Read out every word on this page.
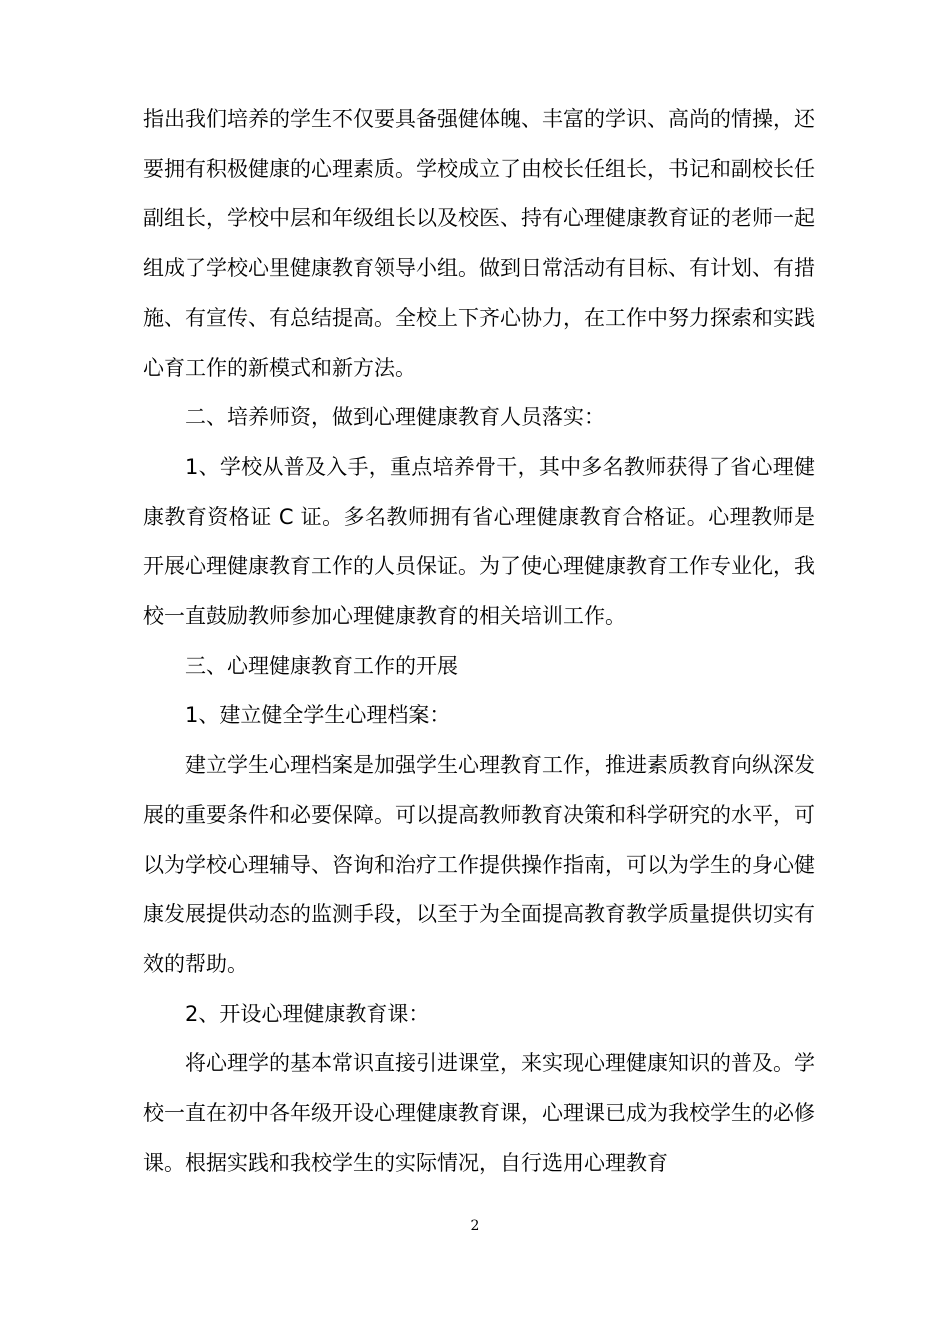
指出我们培养的学生不仅要具备强健体魄、丰富的学识、高尚的情操，还要拥有积极健康的心理素质。学校成立了由校长任组长，书记和副校长任副组长，学校中层和年级组长以及校医、持有心理健康教育证的老师一起组成了学校心里健康教育领导小组。做到日常活动有目标、有计划、有措施、有宣传、有总结提高。全校上下齐心协力，在工作中努力探索和实践心育工作的新模式和新方法。

二、培养师资，做到心理健康教育人员落实：

1、学校从普及入手，重点培养骨干，其中多名教师获得了省心理健康教育资格证 C 证。多名教师拥有省心理健康教育合格证。心理教师是开展心理健康教育工作的人员保证。为了使心理健康教育工作专业化，我校一直鼓励教师参加心理健康教育的相关培训工作。

三、心理健康教育工作的开展

1、建立健全学生心理档案：

建立学生心理档案是加强学生心理教育工作，推进素质教育向纵深发展的重要条件和必要保障。可以提高教师教育决策和科学研究的水平，可以为学校心理辅导、咨询和治疗工作提供操作指南，可以为学生的身心健康发展提供动态的监测手段，以至于为全面提高教育教学质量提供切实有效的帮助。

2、开设心理健康教育课：

将心理学的基本常识直接引进课堂，来实现心理健康知识的普及。学校一直在初中各年级开设心理健康教育课，心理课已成为我校学生的必修课。根据实践和我校学生的实际情况，自行选用心理教育

2
